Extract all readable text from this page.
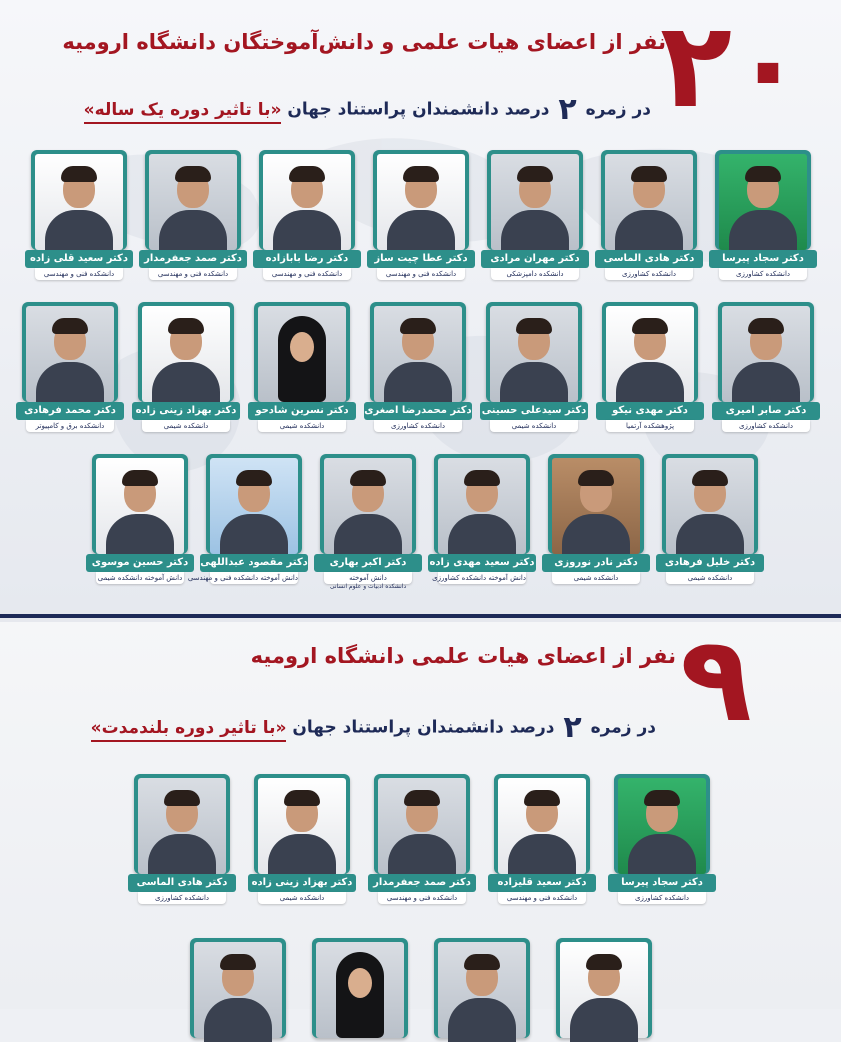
۲۰
نفر از اعضای هیات علمی و دانش‌آموختگان دانشگاه ارومیه
در زمره ۲ درصد دانشمندان پراستناد جهان «با تاثیر دوره یک ساله»
دکتر سجاد پیرسا
دانشکده کشاورزی
دکتر هادی الماسی
دانشکده کشاورزی
دکتر مهران مرادی
دانشکده دامپزشکی
دکتر عطا چیت ساز
دانشکده فنی و مهندسی
دکتر رضا بابازاده
دانشکده فنی و مهندسی
دکتر صمد جعفرمدار
دانشکده فنی و مهندسی
دکتر سعید قلی زاده
دانشکده فنی و مهندسی
دکتر صابر امیری
دانشکده کشاورزی
دکتر مهدی نیکو
پژوهشکده آرتمیا
دکتر سیدعلی حسینی
دانشکده شیمی
دکتر محمدرضا اصغری
دانشکده کشاورزی
دکتر نسرین شادحو
دانشکده شیمی
دکتر بهزاد زینی زاده
دانشکده شیمی
دکتر محمد فرهادی
دانشکده برق و کامپیوتر
دکتر خلیل فرهادی
دانشکده شیمی
دکتر نادر نوروزی
دانشکده شیمی
دکتر سعید مهدی زاده
دانش آموخته دانشکده کشاورزی
دکتر اکبر بهاری
دانش آموخته
دانشکده ادبیات و علوم انسانی
دکتر مقصود عبداللهی
دانش آموخته دانشکده فنی و مهندسی
دکتر حسین موسوی
دانش آموخته دانشکده شیمی
۹
نفر از اعضای هیات علمی دانشگاه ارومیه
در زمره ۲ درصد دانشمندان پراستناد جهان «با تاثیر دوره بلندمدت»
دکتر سجاد پیرسا
دانشکده کشاورزی
دکتر سعید قلیزاده
دانشکده فنی و مهندسی
دکتر صمد جعفرمدار
دانشکده فنی و مهندسی
دکتر بهزاد زینی زاده
دانشکده شیمی
دکتر هادی الماسی
دانشکده کشاورزی
